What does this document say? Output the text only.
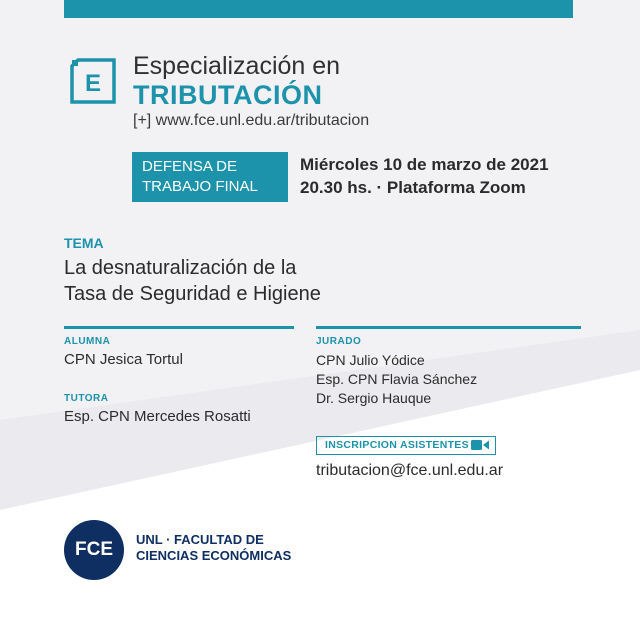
E
Especialización en
TRIBUTACIÓN
[+] www.fce.unl.edu.ar/tributacion
DEFENSA DE
TRABAJO FINAL
Miércoles 10 de marzo de 2021
20.30 hs. · Plataforma Zoom
TEMA
La desnaturalización de la
Tasa de Seguridad e Higiene
ALUMNA
CPN Jesica Tortul
TUTORA
Esp. CPN Mercedes Rosatti
JURADO
CPN Julio Yódice
Esp. CPN Flavia Sánchez
Dr. Sergio Hauque
INSCRIPCION ASISTENTES
tributacion@fce.unl.edu.ar
FCE	UNL · FACULTAD DE
CIENCIAS ECONÓMICAS
